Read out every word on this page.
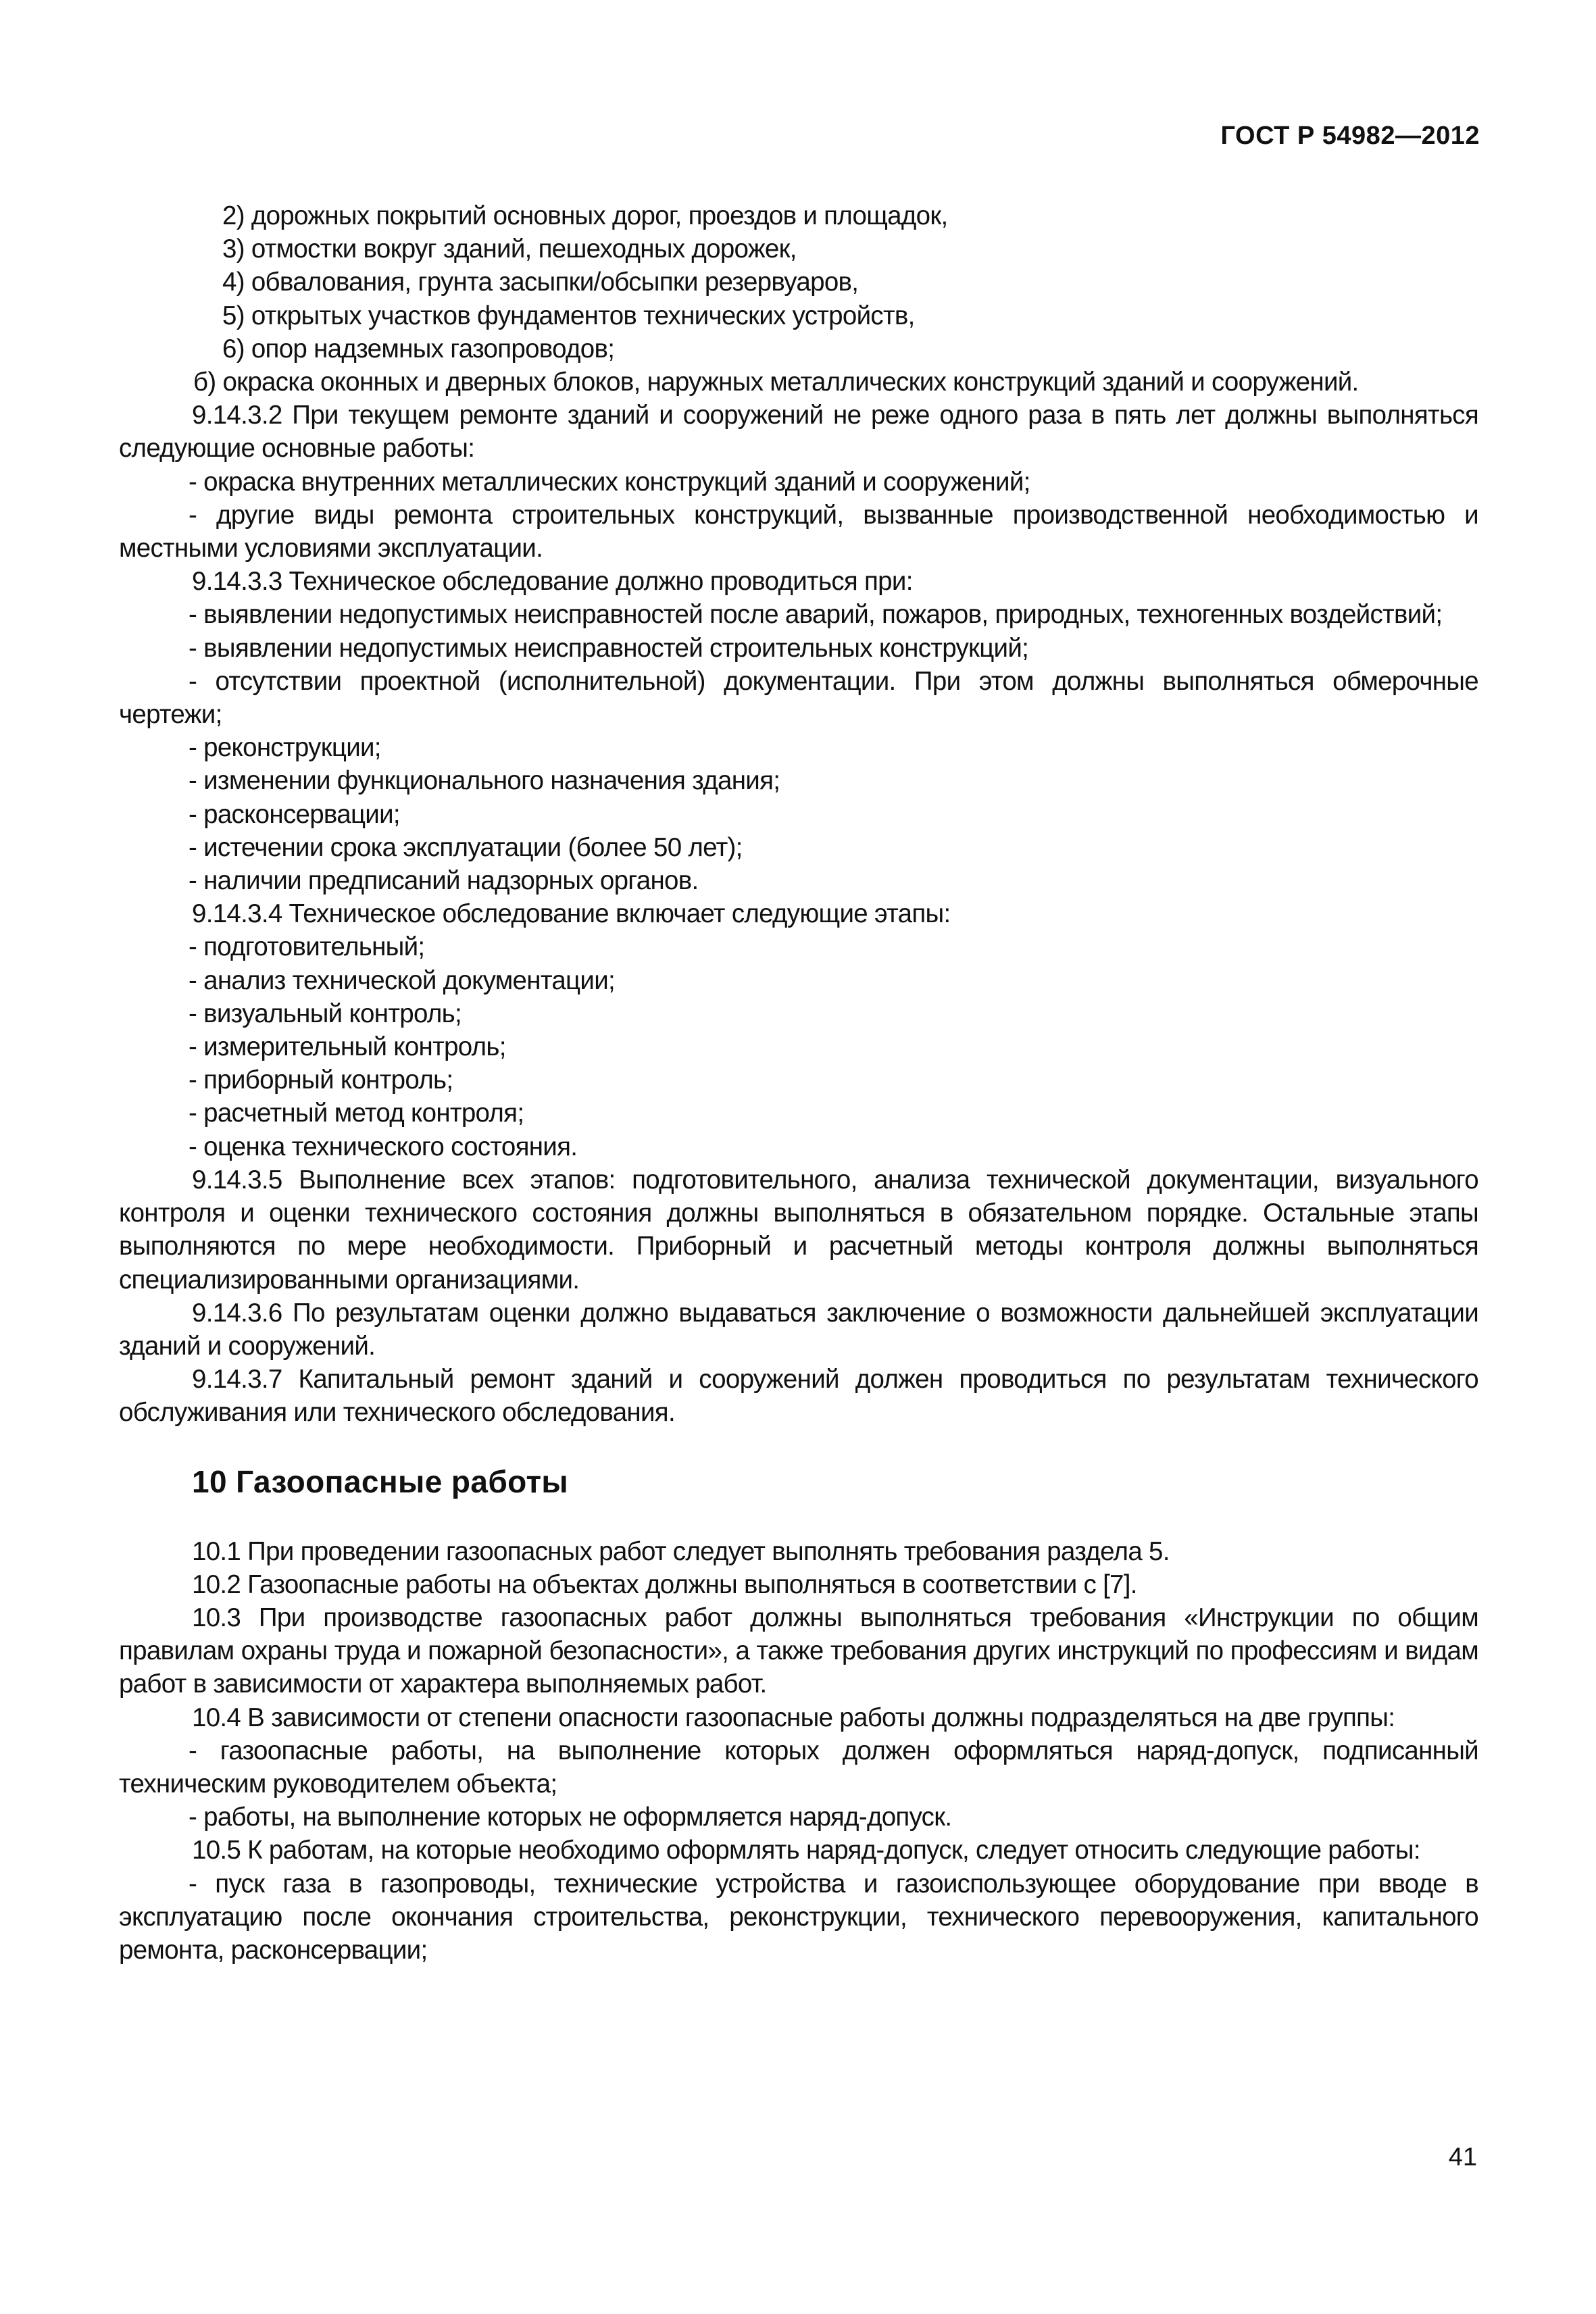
ГОСТ Р 54982—2012

2) дорожных покрытий основных дорог, проездов и площадок,

3) отмостки вокруг зданий, пешеходных дорожек,

4) обвалования, грунта засыпки/обсыпки резервуаров,

5) открытых участков фундаментов технических устройств,

6) опор надземных газопроводов;

б) окраска оконных и дверных блоков, наружных металлических конструкций зданий и сооружений.

9.14.3.2 При текущем ремонте зданий и сооружений не реже одного раза в пять лет должны выполняться следующие основные работы:

- окраска внутренних металлических конструкций зданий и сооружений;

- другие виды ремонта строительных конструкций, вызванные производственной необходимостью и местными условиями эксплуатации.

9.14.3.3 Техническое обследование должно проводиться при:

- выявлении недопустимых неисправностей после аварий, пожаров, природных, техногенных воздействий;

- выявлении недопустимых неисправностей строительных конструкций;

- отсутствии проектной (исполнительной) документации. При этом должны выполняться обмерочные чертежи;

- реконструкции;

- изменении функционального назначения здания;

- расконсервации;

- истечении срока эксплуатации (более 50 лет);

- наличии предписаний надзорных органов.

9.14.3.4 Техническое обследование включает следующие этапы:

- подготовительный;

- анализ технической документации;

- визуальный контроль;

- измерительный контроль;

- приборный контроль;

- расчетный метод контроля;

- оценка технического состояния.

9.14.3.5 Выполнение всех этапов: подготовительного, анализа технической документации, визуального контроля и оценки технического состояния должны выполняться в обязательном порядке. Остальные этапы выполняются по мере необходимости. Приборный и расчетный методы контроля должны выполняться специализированными организациями.

9.14.3.6 По результатам оценки должно выдаваться заключение о возможности дальнейшей эксплуатации зданий и сооружений.

9.14.3.7 Капитальный ремонт зданий и сооружений должен проводиться по результатам технического обслуживания или технического обследования.

10 Газоопасные работы

10.1 При проведении газоопасных работ следует выполнять требования раздела 5.

10.2 Газоопасные работы на объектах должны выполняться в соответствии с [7].

10.3 При производстве газоопасных работ должны выполняться требования «Инструкции по общим правилам охраны труда и пожарной безопасности», а также требования других инструкций по профессиям и видам работ в зависимости от характера выполняемых работ.

10.4 В зависимости от степени опасности газоопасные работы должны подразделяться на две группы:

- газоопасные работы, на выполнение которых должен оформляться наряд-допуск, подписанный техническим руководителем объекта;

- работы, на выполнение которых не оформляется наряд-допуск.

10.5 К работам, на которые необходимо оформлять наряд-допуск, следует относить следующие работы:

- пуск газа в газопроводы, технические устройства и газоиспользующее оборудование при вводе в эксплуатацию после окончания строительства, реконструкции, технического перевооружения, капитального ремонта, расконсервации;

41
